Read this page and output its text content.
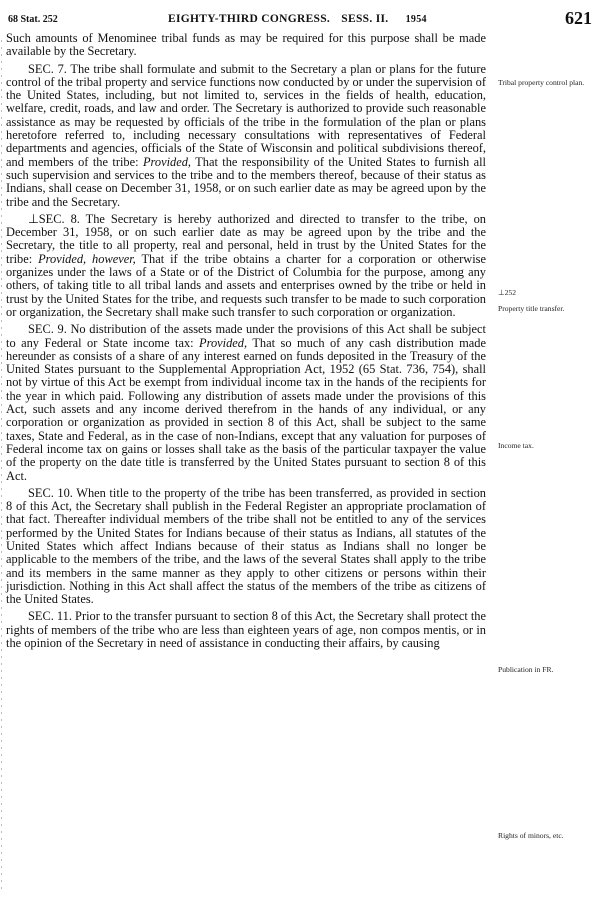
68 Stat. 252	EIGHTY-THIRD CONGRESS. SESS. II. 1954	621

Such amounts of Menominee tribal funds as may be required for this purpose shall be made available by the Secretary.

SEC. 7. The tribe shall formulate and submit to the Secretary a plan or plans for the future control of the tribal property and service functions now conducted by or under the supervision of the United States, including, but not limited to, services in the fields of health, education, welfare, credit, roads, and law and order. The Secretary is authorized to provide such reasonable assistance as may be requested by officials of the tribe in the formulation of the plan or plans heretofore referred to, including necessary consultations with representatives of Federal departments and agencies, officials of the State of Wisconsin and political subdivisions thereof, and members of the tribe: Provided, That the responsibility of the United States to furnish all such supervision and services to the tribe and to the members thereof, because of their status as Indians, shall cease on December 31, 1958, or on such earlier date as may be agreed upon by the tribe and the Secretary.

⊥SEC. 8. The Secretary is hereby authorized and directed to transfer to the tribe, on December 31, 1958, or on such earlier date as may be agreed upon by the tribe and the Secretary, the title to all property, real and personal, held in trust by the United States for the tribe: Provided, however, That if the tribe obtains a charter for a corporation or otherwise organizes under the laws of a State or of the District of Columbia for the purpose, among any others, of taking title to all tribal lands and assets and enterprises owned by the tribe or held in trust by the United States for the tribe, and requests such transfer to be made to such corporation or organization, the Secretary shall make such transfer to such corporation or organization.

SEC. 9. No distribution of the assets made under the provisions of this Act shall be subject to any Federal or State income tax: Provided, That so much of any cash distribution made hereunder as consists of a share of any interest earned on funds deposited in the Treasury of the United States pursuant to the Supplemental Appropriation Act, 1952 (65 Stat. 736, 754), shall not by virtue of this Act be exempt from individual income tax in the hands of the recipients for the year in which paid. Following any distribution of assets made under the provisions of this Act, such assets and any income derived therefrom in the hands of any individual, or any corporation or organization as provided in section 8 of this Act, shall be subject to the same taxes, State and Federal, as in the case of non-Indians, except that any valuation for purposes of Federal income tax on gains or losses shall take as the basis of the particular taxpayer the value of the property on the date title is transferred by the United States pursuant to section 8 of this Act.

SEC. 10. When title to the property of the tribe has been transferred, as provided in section 8 of this Act, the Secretary shall publish in the Federal Register an appropriate proclamation of that fact. Thereafter individual members of the tribe shall not be entitled to any of the services performed by the United States for Indians because of their status as Indians, all statutes of the United States which affect Indians because of their status as Indians shall no longer be applicable to the members of the tribe, and the laws of the several States shall apply to the tribe and its members in the same manner as they apply to other citizens or persons within their jurisdiction. Nothing in this Act shall affect the status of the members of the tribe as citizens of the United States.

SEC. 11. Prior to the transfer pursuant to section 8 of this Act, the Secretary shall protect the rights of members of the tribe who are less than eighteen years of age, non compos mentis, or in the opinion of the Secretary in need of assistance in conducting their affairs, by causing

Tribal property control plan.
⊥252
Property title transfer.
Income tax.
Publication in FR.
Rights of minors, etc.
